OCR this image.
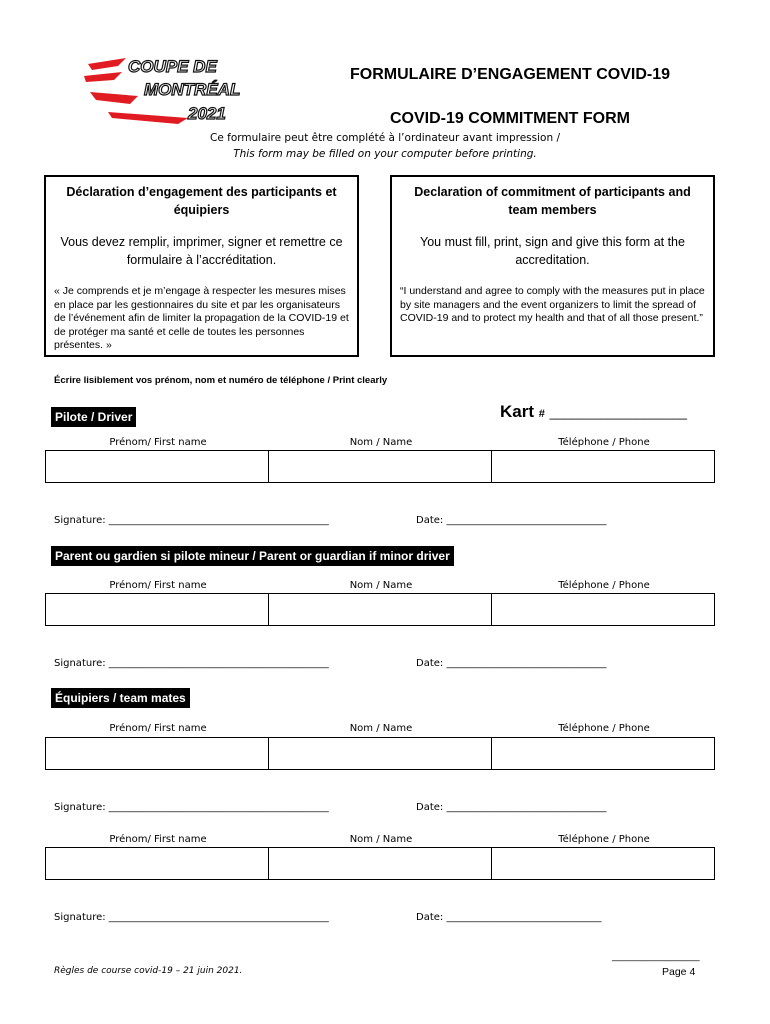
COUPE DE
MONTRÉAL
2021
FORMULAIRE D’ENGAGEMENT COVID-19
COVID-19 COMMITMENT FORM
Ce formulaire peut être complété à l’ordinateur avant impression /
This form may be filled on your computer before printing.
Déclaration d’engagement des participants et équipiers
Vous devez remplir, imprimer, signer et remettre ce formulaire à l’accréditation.
« Je comprends et je m’engage à respecter les mesures mises en place par les gestionnaires du site et par les organisateurs de l’événement afin de limiter la propagation de la COVID-19 et de protéger ma santé et celle de toutes les personnes présentes. »
Declaration of commitment of participants and team members
You must fill, print, sign and give this form at the accreditation.
“I understand and agree to comply with the measures put in place by site managers and the event organizers to limit the spread of COVID-19 and to protect my health and that of all those present.”
Écrire lisiblement vos prénom, nom et numéro de téléphone / Print clearly
Pilote / Driver	Kart # ___________________
Prénom/ First name	Nom / Name	Téléphone / Phone
Signature: ____________________________________________	Date: ________________________________
Parent ou gardien si pilote mineur / Parent or guardian if minor driver
Prénom/ First name	Nom / Name	Téléphone / Phone
Signature: ____________________________________________	Date: ________________________________
Équipiers / team mates
Prénom/ First name	Nom / Name	Téléphone / Phone
Signature: ____________________________________________	Date: ________________________________
Prénom/ First name	Nom / Name	Téléphone / Phone
Signature: ____________________________________________	Date: _______________________________
Règles de course covid-19 – 21 juin 2021.
_______________
Page 4
